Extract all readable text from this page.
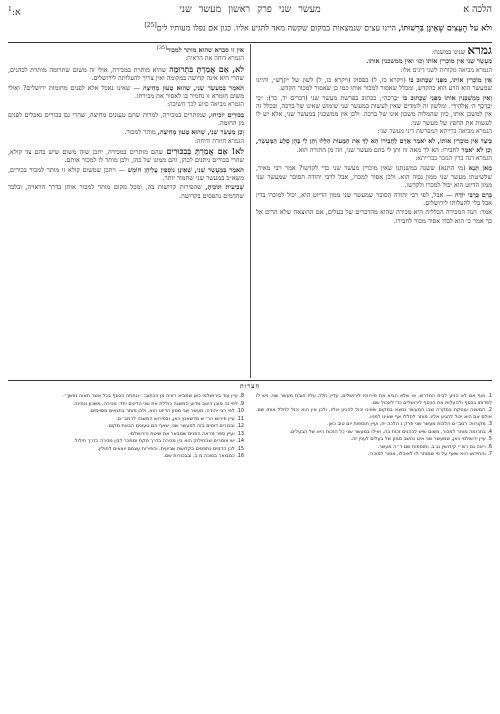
הלכה א
מעשר שני פרק ראשון מעשר שני
א:$^1$
ולא על הֶעֵצִים שֶׁאֵינָן בִּרְשׁוּתוֹ, היינו עצים שנמצאות במקום שקשה מאד להגיע אליו. כגון אם נפלו מעותיו לים[25]

גמרא שנינו במשנה:

מַעְשֵׂר שֵׁנִי אֵין מוֹכְרִין אוֹתוֹ וְכוּ׳ ואין ממשכנין אותו.

הגמרא מביאה מקורות לשני דינים אלו:

אֵין מוֹכְרִין אוֹתוֹ, מִפְּנֵי שֶׁכָּתוּב בּוֹ (ויקרא כז, ל) בפסוק (ויקרא כז, ל) לשון של ״קֹדֶשׁ״, והיינו שמעשר הוא הרע הוא כהקדש, ומכלל שאסור למכור אותו כמו כן שאסור למכור הקדש.

וְאֵין מְמַשְׁכְּנִין אוֹתוֹ מִפְּנֵי שֶׁכָּתוּב בּוֹ ״בְּרָכָה״, ככתוב בפרשת מעשר שני (דברים יד, כד): ״כִּי יְבָרֶכְךָ ה׳ אֱלֹהֶיךָ״. ומלשון זה לומדים שאין לעשות במעשר שני שימוש שאינו של ברכה, ובכלל זה אין למשכן אותו, כיון שהמלוה משכון אינו של ברכה. ולכן אין ממשכנין במעשר שני, אלא יש לו לעשות את החפץ של מעשר שני.

הגמרא מביאה ברייתא המפרשת דיני מעשר שני:

כֵּיצַד אֵין מוֹכְרִין אוֹתוֹ, לֹא יֹאמַר אָדָם לַחֲבֵירוֹ הֵא לָךְ אֶת הַמָּעוֹת הַלָּלוּ וְתֵן לִי בָּהֶן סֶלַע הַמַּעְשֵׂר, וְכֵן לֹא יֹאמַר לחבירו: הא לך מאה זוז ותן לי בהם מעשר שני, וזה מן התורה הוא.

הגמרא דנה בדין הנזכר בברייתא:

מַאן תַּנָא (מי התנא) ששנה במשנתנו שאין מוכרין מעשר שני כדי לקדשו? אמר רבי מאיר, שלשיטתו מעשר שני ממון גבוה הוא. ולכן אסור למכרו, אבל לרבי יהודה הסובר שמעשר שני ממון הדיוט הוא יכול למכרו ולקדשו.

בְּרַם כְּרַבִּי יוֹדָה — אבל, לפי רבי יהודה הסובר שמעשר שני ממון הדיוט הוא, יכול למוכרו בדין אבל בלי להעלותו לירושלים.

אמר: הנה המכירה הכללית היא מכירה שהוא מהדברים של בעלים, אם ההוצאה שלא הרים אל כך אמר כי הוא לבדו אסור מכור לחבירו.

אין זו סברא שהוא מותר למכור[35]

הגמרא דוחה את הראיה:

לֹא, אֵם אֲמַרְתָּ בִּתְרוּמָה שהיא מותרת במכירה, אולי זה משום שתרומה מותרת לכהנים, שהרי היא אינה קדושה במקומה ואין צריך להעלותה לירושלים.

תֹּאמַר בְּמַעְשֵׂר שֵׁנִי, שֶׁהוּא טָעוּן מְחִיצָה — שאינו נאכל אלא לפנים מחומות ירושלים? ואולי משום חומרא זו נחמיר בו לאסור את מכירתו.

הגמרא מביאה סיוע לכך חשיבה:

בִּכּוּרִים יוֹכִיחוּ, שמותרים במכירה, למרות שהם טעונים מחיצה, שהרי גם בכורים נאכלים לפנים מן החומה.

וְכֵן מַעְשֵׂר שֵׁנִי, שֶׁהוּא טָעוּן מְחִיצָה, מותר למכור.

הגמרא חוזרת ודוחה:

לֹא! אֵם אֲמַרְתָּ בְּבִכּוּרִים שהם מותרים במכירה, יתכן שזה משום שיש בהם צד קולא, שהרי בכורים ניתנים לכהן, והם ממונו של כהן, ולכן מותר לו למכור אותם.

תֹּאמַר בְּמַעְשֵׂר שֵׁנִי, שֶׁאֵינָן נוֹסְפִין עֲלֵיהֶן חוֹמֶשׁ — ויתכן שמשום קולא זו מותר למכור בכורים, משא״כ במעשר שני שחמור יותר.

שְׁבִיעִית תּוֹכִיחַ, שהפירות קדושות בה, ומכל מקום מותר למכור אותן בדרך הראויה, ובלבד שהדמים נתפסים בקדושה.

הערות

1. ואף אם לא הגיע לבית המדרש, או שלא הביא את פירותיו לירושלים, עדיין חלה עליו חובת מעשר שני, ויש לו לפדותו בכסף ולהעלות את הכסף לירושלים כדי לאכול שם.

2. המשנה עוסקת במקרה שבו המעשר נמצא במקום שאינו יכול להגיע אליו, ולכן אין הוא יכול לחלל אותו שם. אולם אם הוא יכול להגיע אליו, מותר לחללו אף שאינו לפניו.

3. מקורות: רמב״ם הלכות מעשר שני פרק ג הלכה יח, ועיין תוספות יום טוב כאן.

4. בתרומה מותר למכור, משום שיש לכהנים זכות בה, ואילו במעשר שני כל הזכות היא של הבעלים.

5. עיין ירושלמי כאן, שמעשר שני אינו נחשב ממון של בעלים לענין זה.

6. ראה גם רש״י קידושין נג ב, ותוספות שם ד״ה מעשר.

7. והחידוש הוא שאף על פי שמותר לו לאוכלו, אסור למוכרו.

8. עיין עוד בירושלמי כאן שמביא ראיה מן הכתוב: ״ונתתה הכסף בכל אשר תאוה נפשך״.

9. לפי זה מובן היטב מדוע המשנה כוללת את שני הדינים יחד: מכירה, משכון ונתינה.

10. לפי רבי יהודה, מעשר שני ממון הדיוט הוא, ולכן מותר בתנאים מסוימים.

11. עיין פירוש הר״ש מדשאנץ כאן, ובפירוש המשנה לרמב״ם.

12. ובכורים דומים בזה למעשר שני, שאף הם טעונים הבאת מקום.

13. ועיין ספר מראה הפנים שמבאר את שיטת הירושלמי.

14. יש אומרים שהחילוק הוא בין מכירה בדרך מקח וממכר לבין מכירה כדרך חילול.

15. לכן הדמים נתפסים בקדושת שביעית, והפירות עצמם יוצאים לחולין.

16. כמבואר בסוכה מ ב, ובבכורות שם.
